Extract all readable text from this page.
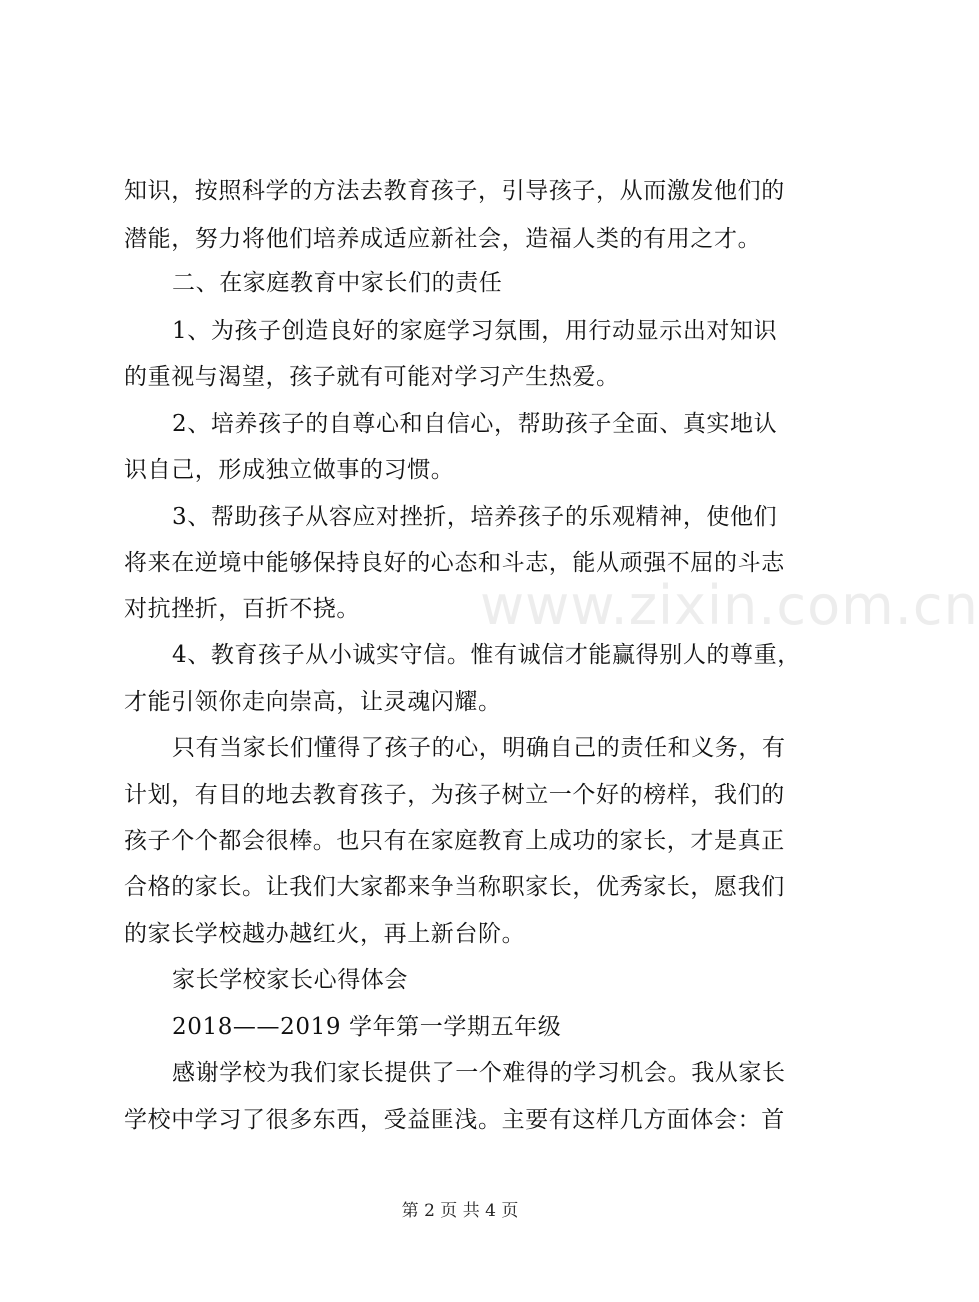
www.zixin.com.cn
知识，按照科学的方法去教育孩子，引导孩子，从而激发他们的
潜能，努力将他们培养成适应新社会，造福人类的有用之才。
二、在家庭教育中家长们的责任
1、为孩子创造良好的家庭学习氛围，用行动显示出对知识
的重视与渴望，孩子就有可能对学习产生热爱。
2、培养孩子的自尊心和自信心，帮助孩子全面、真实地认
识自己，形成独立做事的习惯。
3、帮助孩子从容应对挫折，培养孩子的乐观精神，使他们
将来在逆境中能够保持良好的心态和斗志，能从顽强不屈的斗志
对抗挫折，百折不挠。
4、教育孩子从小诚实守信。惟有诚信才能赢得别人的尊重，
才能引领你走向崇高，让灵魂闪耀。
只有当家长们懂得了孩子的心，明确自己的责任和义务，有
计划，有目的地去教育孩子，为孩子树立一个好的榜样，我们的
孩子个个都会很棒。也只有在家庭教育上成功的家长，才是真正
合格的家长。让我们大家都来争当称职家长，优秀家长，愿我们
的家长学校越办越红火，再上新台阶。
家长学校家长心得体会
2018——2019 学年第一学期五年级
感谢学校为我们家长提供了一个难得的学习机会。我从家长
学校中学习了很多东西，受益匪浅。主要有这样几方面体会：首
第 2 页 共 4 页
